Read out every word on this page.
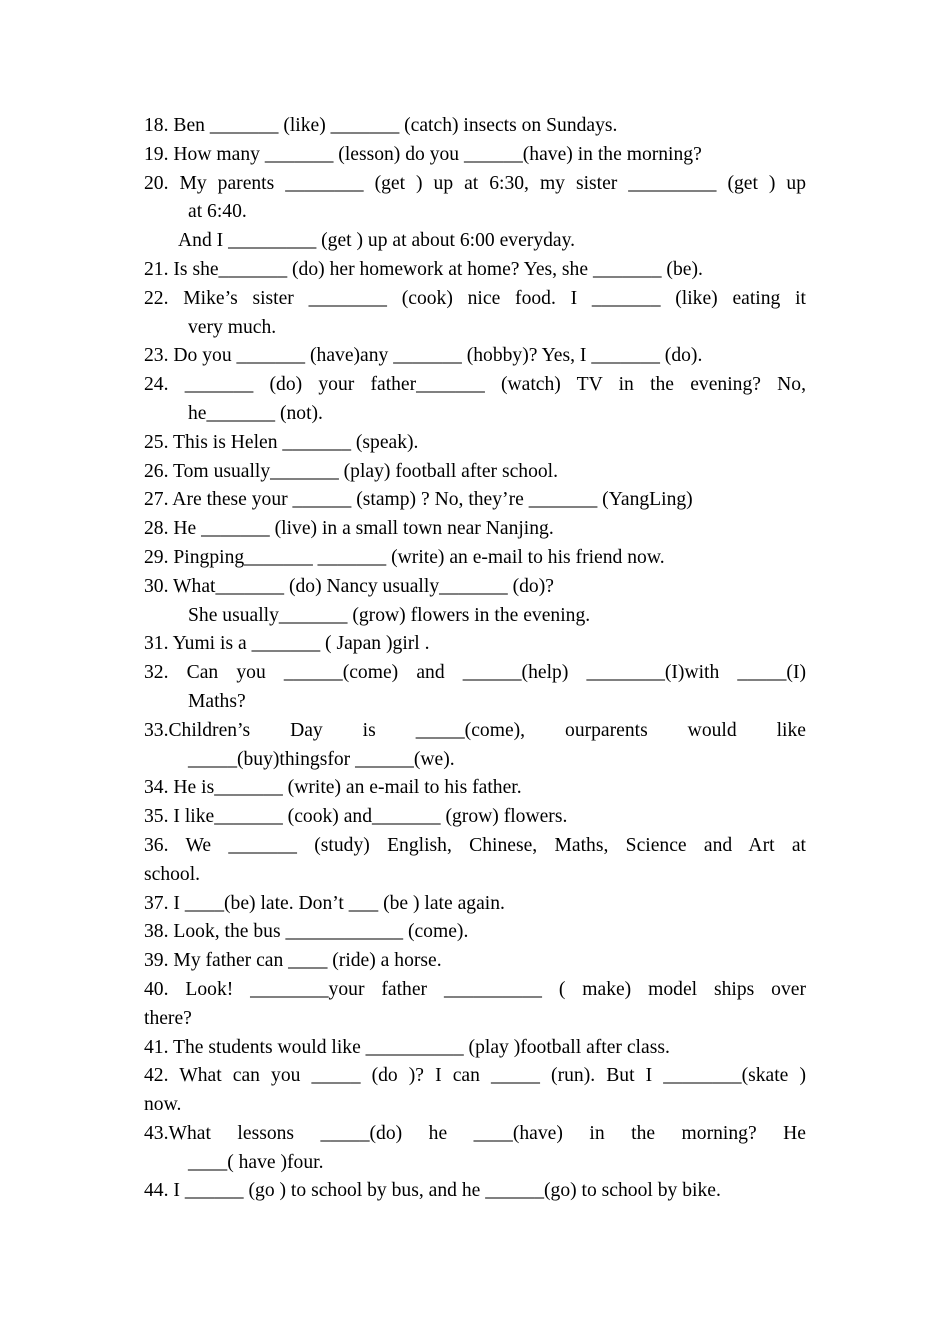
18. Ben _______ (like) _______ (catch) insects on Sundays.
19. How many _______ (lesson) do you ______(have) in the morning?
20. My parents ________ (get ) up at 6:30, my sister _________ (get ) up
at 6:40.
And I _________ (get ) up at about 6:00 everyday.
21. Is she_______ (do) her homework at home? Yes, she _______ (be).
22. Mike’s sister ________ (cook) nice food. I _______ (like) eating it
very much.
23. Do you _______ (have)any _______ (hobby)? Yes, I _______ (do).
24. _______ (do) your father_______ (watch) TV in the evening? No,
he_______ (not).
25. This is Helen _______ (speak).
26. Tom usually_______ (play) football after school.
27. Are these your ______ (stamp) ? No, they’re _______ (YangLing)
28. He _______ (live) in a small town near Nanjing.
29. Pingping_______ _______ (write) an e-mail to his friend now.
30. What_______ (do) Nancy usually_______ (do)?
She usually_______ (grow) flowers in the evening.
31. Yumi is a _______ ( Japan )girl .
32. Can you ______(come) and ______(help) ________(I)with _____(I)
Maths?
33.Children’s Day is _____(come), ourparents would like
_____(buy)thingsfor ______(we).
34. He is_______ (write) an e-mail to his father.
35. I like_______ (cook) and_______ (grow) flowers.
36. We _______ (study) English, Chinese, Maths, Science and Art at
school.
37. I ____(be) late. Don’t ___ (be ) late again.
38. Look, the bus ____________ (come).
39. My father can ____ (ride) a horse.
40. Look! ________your father __________ ( make) model ships over
there?
41. The students would like __________ (play )football after class.
42. What can you _____ (do )? I can _____ (run). But I ________(skate )
now.
43.What lessons _____(do) he ____(have) in the morning? He
____( have )four.
44. I ______ (go ) to school by bus, and he ______(go) to school by bike.
